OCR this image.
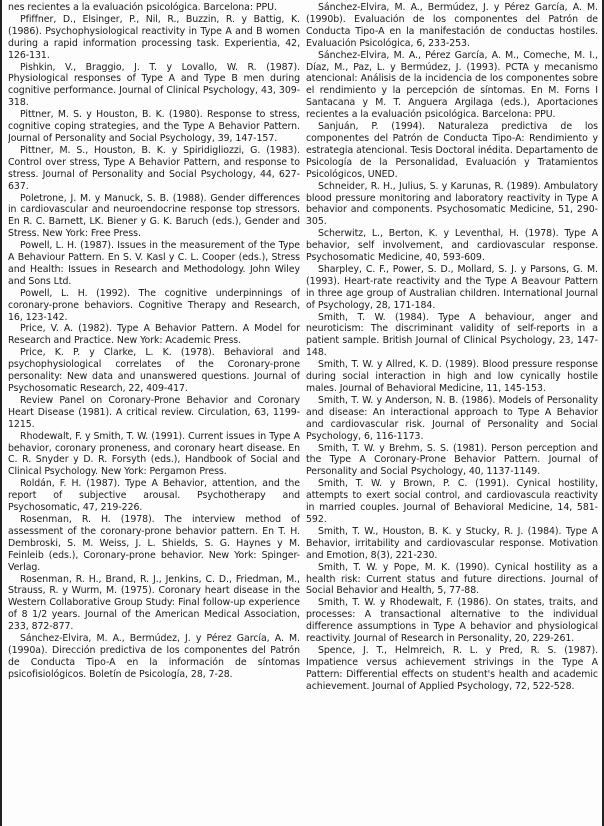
nes recientes a la evaluación psicológica. Barcelona: PPU.

Pfiffner, D., Elsinger, P., Nil, R., Buzzin, R. y Battig, K. (1986). Psychophysiological reactivity in Type A and B women during a rapid information processing task. Experientia, 42, 126-131.

Pishkin, V., Braggio, J. T. y Lovallo, W. R. (1987). Physiological responses of Type A and Type B men during cognitive performance. Journal of Clinical Psychology, 43, 309-318.

Pittner, M. S. y Houston, B. K. (1980). Response to stress, cognitive coping strategies, and the Type A Behavior Pattern. Journal of Personality and Social Psychology, 39, 147-157.

Pittner, M. S., Houston, B. K. y Spiridigliozzi, G. (1983). Control over stress, Type A Behavior Pattern, and response to stress. Journal of Personality and Social Psychology, 44, 627-637.

Poletrone, J. M. y Manuck, S. B. (1988). Gender differences in cardiovascular and neuroendocrine response top stressors. En R. C. Barnett, LK. Biener y G. K. Baruch (eds.), Gender and Stress. New York: Free Press.

Powell, L. H. (1987). Issues in the measurement of the Type A Behaviour Pattern. En S. V. Kasl y C. L. Cooper (eds.), Stress and Health: Issues in Research and Methodology. John Wiley and Sons Ltd.

Powell, L. H. (1992). The cognitive underpinnings of coronary-prone behaviors. Cognitive Therapy and Research, 16, 123-142.

Price, V. A. (1982). Type A Behavior Pattern. A Model for Research and Practice. New York: Academic Press.

Price, K. P. y Clarke, L. K. (1978). Behavioral and psychophysiological correlates of the Coronary-prone personality: New data and unanswered questions. Journal of Psychosomatic Research, 22, 409-417.

Review Panel on Coronary-Prone Behavior and Coronary Heart Disease (1981). A critical review. Circulation, 63, 1199-1215.

Rhodewalt, F. y Smith, T. W. (1991). Current issues in Type A behavior, coronary proneness, and coronary heart disease. En C. R. Snyder y D. R. Forsyth (eds.), Handbook of Social and Clinical Psychology. New York: Pergamon Press.

Roldán, F. H. (1987). Type A Behavior, attention, and the report of subjective arousal. Psychotherapy and Psychosomatic, 47, 219-226.

Rosenman, R. H. (1978). The interview method of assessment of the coronary-prone behavior pattern. En T. H. Dembroski, S. M. Weiss, J. L. Shields, S. G. Haynes y M. Feinleib (eds.), Coronary-prone behavior. New York: Spinger-Verlag.

Rosenman, R. H., Brand, R. J., Jenkins, C. D., Friedman, M., Strauss, R. y Wurm, M. (1975). Coronary heart disease in the Western Collaborative Group Study: Final follow-up experience of 8 1/2 years. Journal of the American Medical Association, 233, 872-877.

Sánchez-Elvira, M. A., Bermúdez, J. y Pérez García, A. M. (1990a). Dirección predictiva de los componentes del Patrón de Conducta Tipo-A en la información de síntomas psicofisiológicos. Boletín de Psicología, 28, 7-28.

Sánchez-Elvira, M. A., Bermúdez, J. y Pérez García, A. M. (1990b). Evaluación de los componentes del Patrón de Conducta Tipo-A en la manifestación de conductas hostiles. Evaluación Psicológica, 6, 233-253.

Sánchez-Elvira, M. A., Pérez García, A. M., Comeche, M. I., Díaz, M., Paz, L. y Bermúdez, J. (1993). PCTA y mecanismo atencional: Análisis de la incidencia de los componentes sobre el rendimiento y la percepción de síntomas. En M. Forns I Santacana y M. T. Anguera Argilaga (eds.), Aportaciones recientes a la evaluación psicológica. Barcelona: PPU.

Sanjuán, P. (1994). Naturaleza predictiva de los componentes del Patrón de Conducta Tipo-A: Rendimiento y estrategia atencional. Tesis Doctoral inédita. Departamento de Psicología de la Personalidad, Evaluación y Tratamientos Psicológicos, UNED.

Schneider, R. H., Julius, S. y Karunas, R. (1989). Ambulatory blood pressure monitoring and laboratory reactivity in Type A behavior and components. Psychosomatic Medicine, 51, 290-305.

Scherwitz, L., Berton, K. y Leventhal, H. (1978). Type A behavior, self involvement, and cardiovascular response. Psychosomatic Medicine, 40, 593-609.

Sharpley, C. F., Power, S. D., Mollard, S. J. y Parsons, G. M. (1993). Heart-rate reactivity and the Type A Beavour Pattern in three age group of Australian children. International Journal of Psychology, 28, 171-184.

Smith, T. W. (1984). Type A behaviour, anger and neuroticism: The discriminant validity of self-reports in a patient sample. British Journal of Clinical Psychology, 23, 147-148.

Smith, T. W. y Allred, K. D. (1989). Blood pressure response during social interaction in high and low cynically hostile males. Journal of Behavioral Medicine, 11, 145-153.

Smith, T. W. y Anderson, N. B. (1986). Models of Personality and disease: An interactional approach to Type A Behavior and cardiovascular risk. Journal of Personality and Social Psychology, 6, 116-1173.

Smith, T. W. y Brehm, S. S. (1981). Person perception and the Type A Coronary-Prone Behavior Pattern. Journal of Personality and Social Psychology, 40, 1137-1149.

Smith, T. W. y Brown, P. C. (1991). Cynical hostility, attempts to exert social control, and cardiovascula reactivity in married couples. Journal of Behavioral Medicine, 14, 581-592.

Smith, T. W., Houston, B. K. y Stucky, R. J. (1984). Type A Behavior, irritability and cardiovascular response. Motivation and Emotion, 8(3), 221-230.

Smith, T. W. y Pope, M. K. (1990). Cynical hostility as a health risk: Current status and future directions. Journal of Social Behavior and Health, 5, 77-88.

Smith, T. W. y Rhodewalt, F. (1986). On states, traits, and processes: A transactional alternative to the individual difference assumptions in Type A behavior and physiological reactivity. Journal of Research in Personality, 20, 229-261.

Spence, J. T., Helmreich, R. L. y Pred, R. S. (1987). Impatience versus achievement strivings in the Type A Pattern: Differential effects on student's health and academic achievement. Journal of Applied Psychology, 72, 522-528.
